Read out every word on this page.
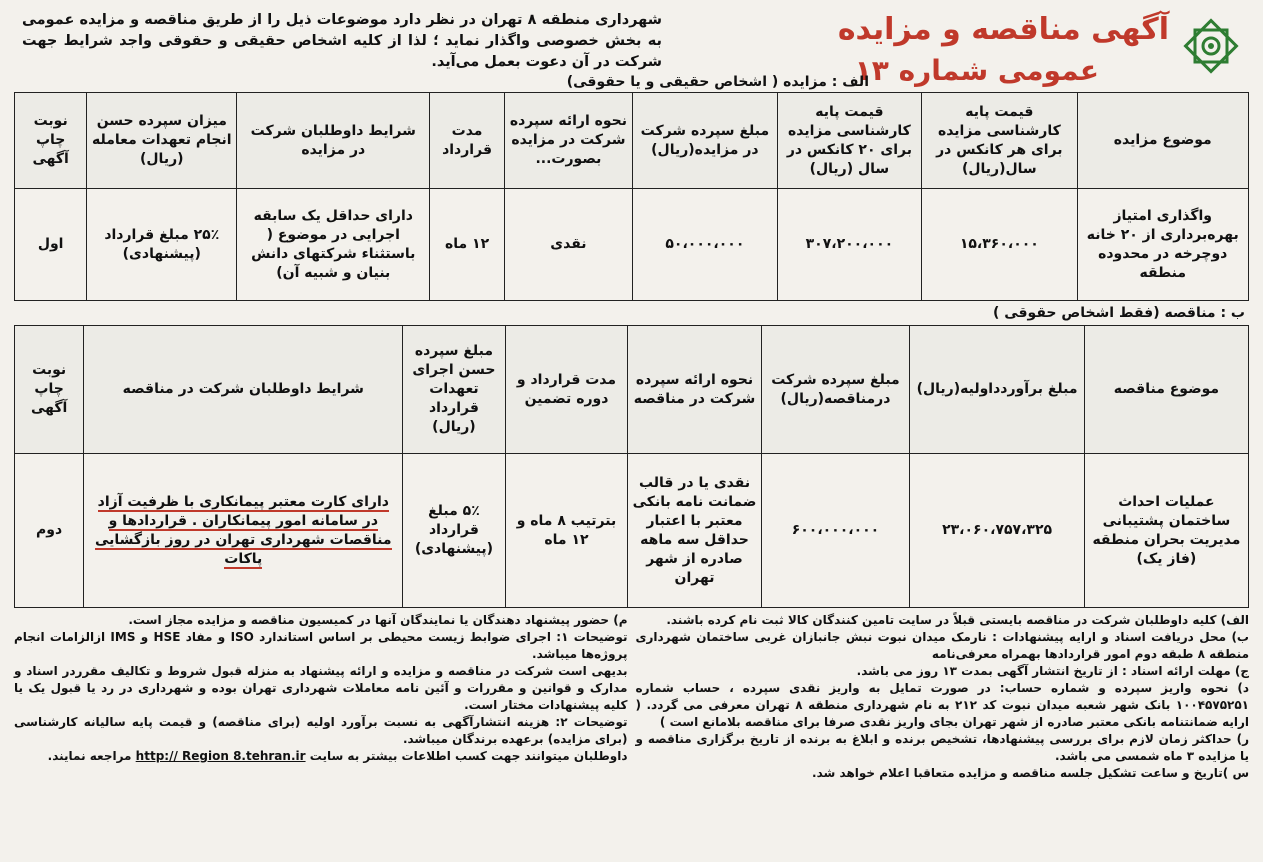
آگهی مناقصه و مزایده
عمومی شماره ۱۳
شهرداری منطقه ۸ تهران در نظر دارد موضوعات ذیل را از طریق مناقصه و مزایده عمومی به بخش خصوصی واگذار نماید ؛ لذا از کلیه اشخاص حقیقی و حقوقی واجد شرایط جهت شرکت در آن دعوت بعمل می‌آید.
الف : مزایده ( اشخاص حقیقی و یا حقوقی)
موضوع مزایده	قیمت پایه کارشناسی مزایده برای هر کانکس در سال(ریال)	قیمت پایه کارشناسی مزایده برای ۲۰ کانکس در سال (ریال)	مبلغ سپرده شرکت در مزایده(ریال)	نحوه ارائه سپرده شرکت در مزایده بصورت...	مدت قرارداد	شرایط داوطلبان شرکت در مزایده	میزان سپرده حسن انجام تعهدات معامله (ریال)	نوبت چاپ آگهی
واگذاری امتیاز بهره‌برداری از ۲۰ خانه دوچرخه در محدوده منطقه	۱۵،۳۶۰،۰۰۰	۳۰۷،۲۰۰،۰۰۰	۵۰،۰۰۰،۰۰۰	نقدی	۱۲ ماه	دارای حداقل یک سابقه اجرایی در موضوع ( باستثناء شرکتهای دانش بنیان و شبیه آن)	۲۵٪ مبلغ قرارداد (پیشنهادی)	اول
ب : مناقصه (فقط اشخاص حقوقی )
موضوع مناقصه	مبلغ برآوردداولیه(ریال)	مبلغ سپرده شرکت درمناقصه(ریال)	نحوه ارائه سپرده شرکت در مناقصه	مدت قرارداد و دوره تضمین	مبلغ سپرده حسن اجرای تعهدات قرارداد (ریال)	شرایط داوطلبان شرکت در مناقصه	نوبت چاپ آگهی
عملیات احداث ساختمان پشتیبانی مدیریت بحران منطقه (فاز یک)	۲۳،۰۶۰،۷۵۷،۳۲۵	۶۰۰،۰۰۰،۰۰۰	نقدی یا در قالب ضمانت نامه بانکی معتبر با اعتبار حداقل سه ماهه صادره از شهر تهران	بترتیب ۸ ماه و ۱۲ ماه	۵٪ مبلغ قرارداد (پیشنهادی)	دارای کارت معتبر پیمانکاری با ظرفیت آزاد در سامانه امور پیمانکاران . قراردادها و مناقصات شهرداری تهران در روز بازگشایی پاکات	دوم
الف) کلیه داوطلبان شرکت در مناقصه بایستی قبلاً در سایت تامین کنندگان کالا ثبت نام کرده باشند.
ب) محل دریافت اسناد و ارایه پیشنهادات : نارمک میدان نبوت نبش جانبازان غربی ساختمان شهرداری منطقه ۸ طبقه دوم امور قراردادها بهمراه معرفی‌نامه
ج) مهلت ارائه اسناد : از تاریخ انتشار آگهی بمدت ۱۳ روز می باشد.
د) نحوه واریز سپرده و شماره حساب: در صورت تمایل به واریز نقدی سپرده ، حساب شماره ۱۰۰۴۵۷۵۲۵۱ بانک شهر شعبه میدان نبوت کد ۲۱۲ به نام شهرداری منطقه ۸ تهران معرفی می گردد. ( ارایه ضمانتنامه بانکی معتبر صادره از شهر تهران بجای واریز نقدی صرفا برای مناقصه بلامانع است )
ر) حداکثر زمان لازم برای بررسی پیشنهادها، تشخیص برنده و ابلاغ به برنده از تاریخ برگزاری مناقصه و یا مزایده ۳ ماه شمسی می باشد.
س )تاریخ و ساعت تشکیل جلسه مناقصه و مزایده متعاقبا اعلام خواهد شد.
م) حضور پیشنهاد دهندگان یا نمایندگان آنها در کمیسیون مناقصه و مزایده مجاز است.
توضیحات ۱: اجرای ضوابط زیست محیطی بر اساس استاندارد ISO و مفاد HSE و IMS ازالزامات انجام پروژه‌ها میباشد.
بدیهی است شرکت در مناقصه و مزایده و ارائه پیشنهاد به منزله قبول شروط و تکالیف مقرردر اسناد و مدارک و قوانین و مقررات و آئین نامه معاملات شهرداری تهران بوده و شهرداری در رد یا قبول یک یا کلیه پیشنهادات مختار است.
توضیحات ۲: هزینه انتشارآگهی به نسبت برآورد اولیه (برای مناقصه) و قیمت پایه سالیانه کارشناسی (برای مزایده) برعهده برندگان میباشد.
داوطلبان میتوانند جهت کسب اطلاعات بیشتر به سایت http:// Region 8.tehran.ir مراجعه نمایند.
